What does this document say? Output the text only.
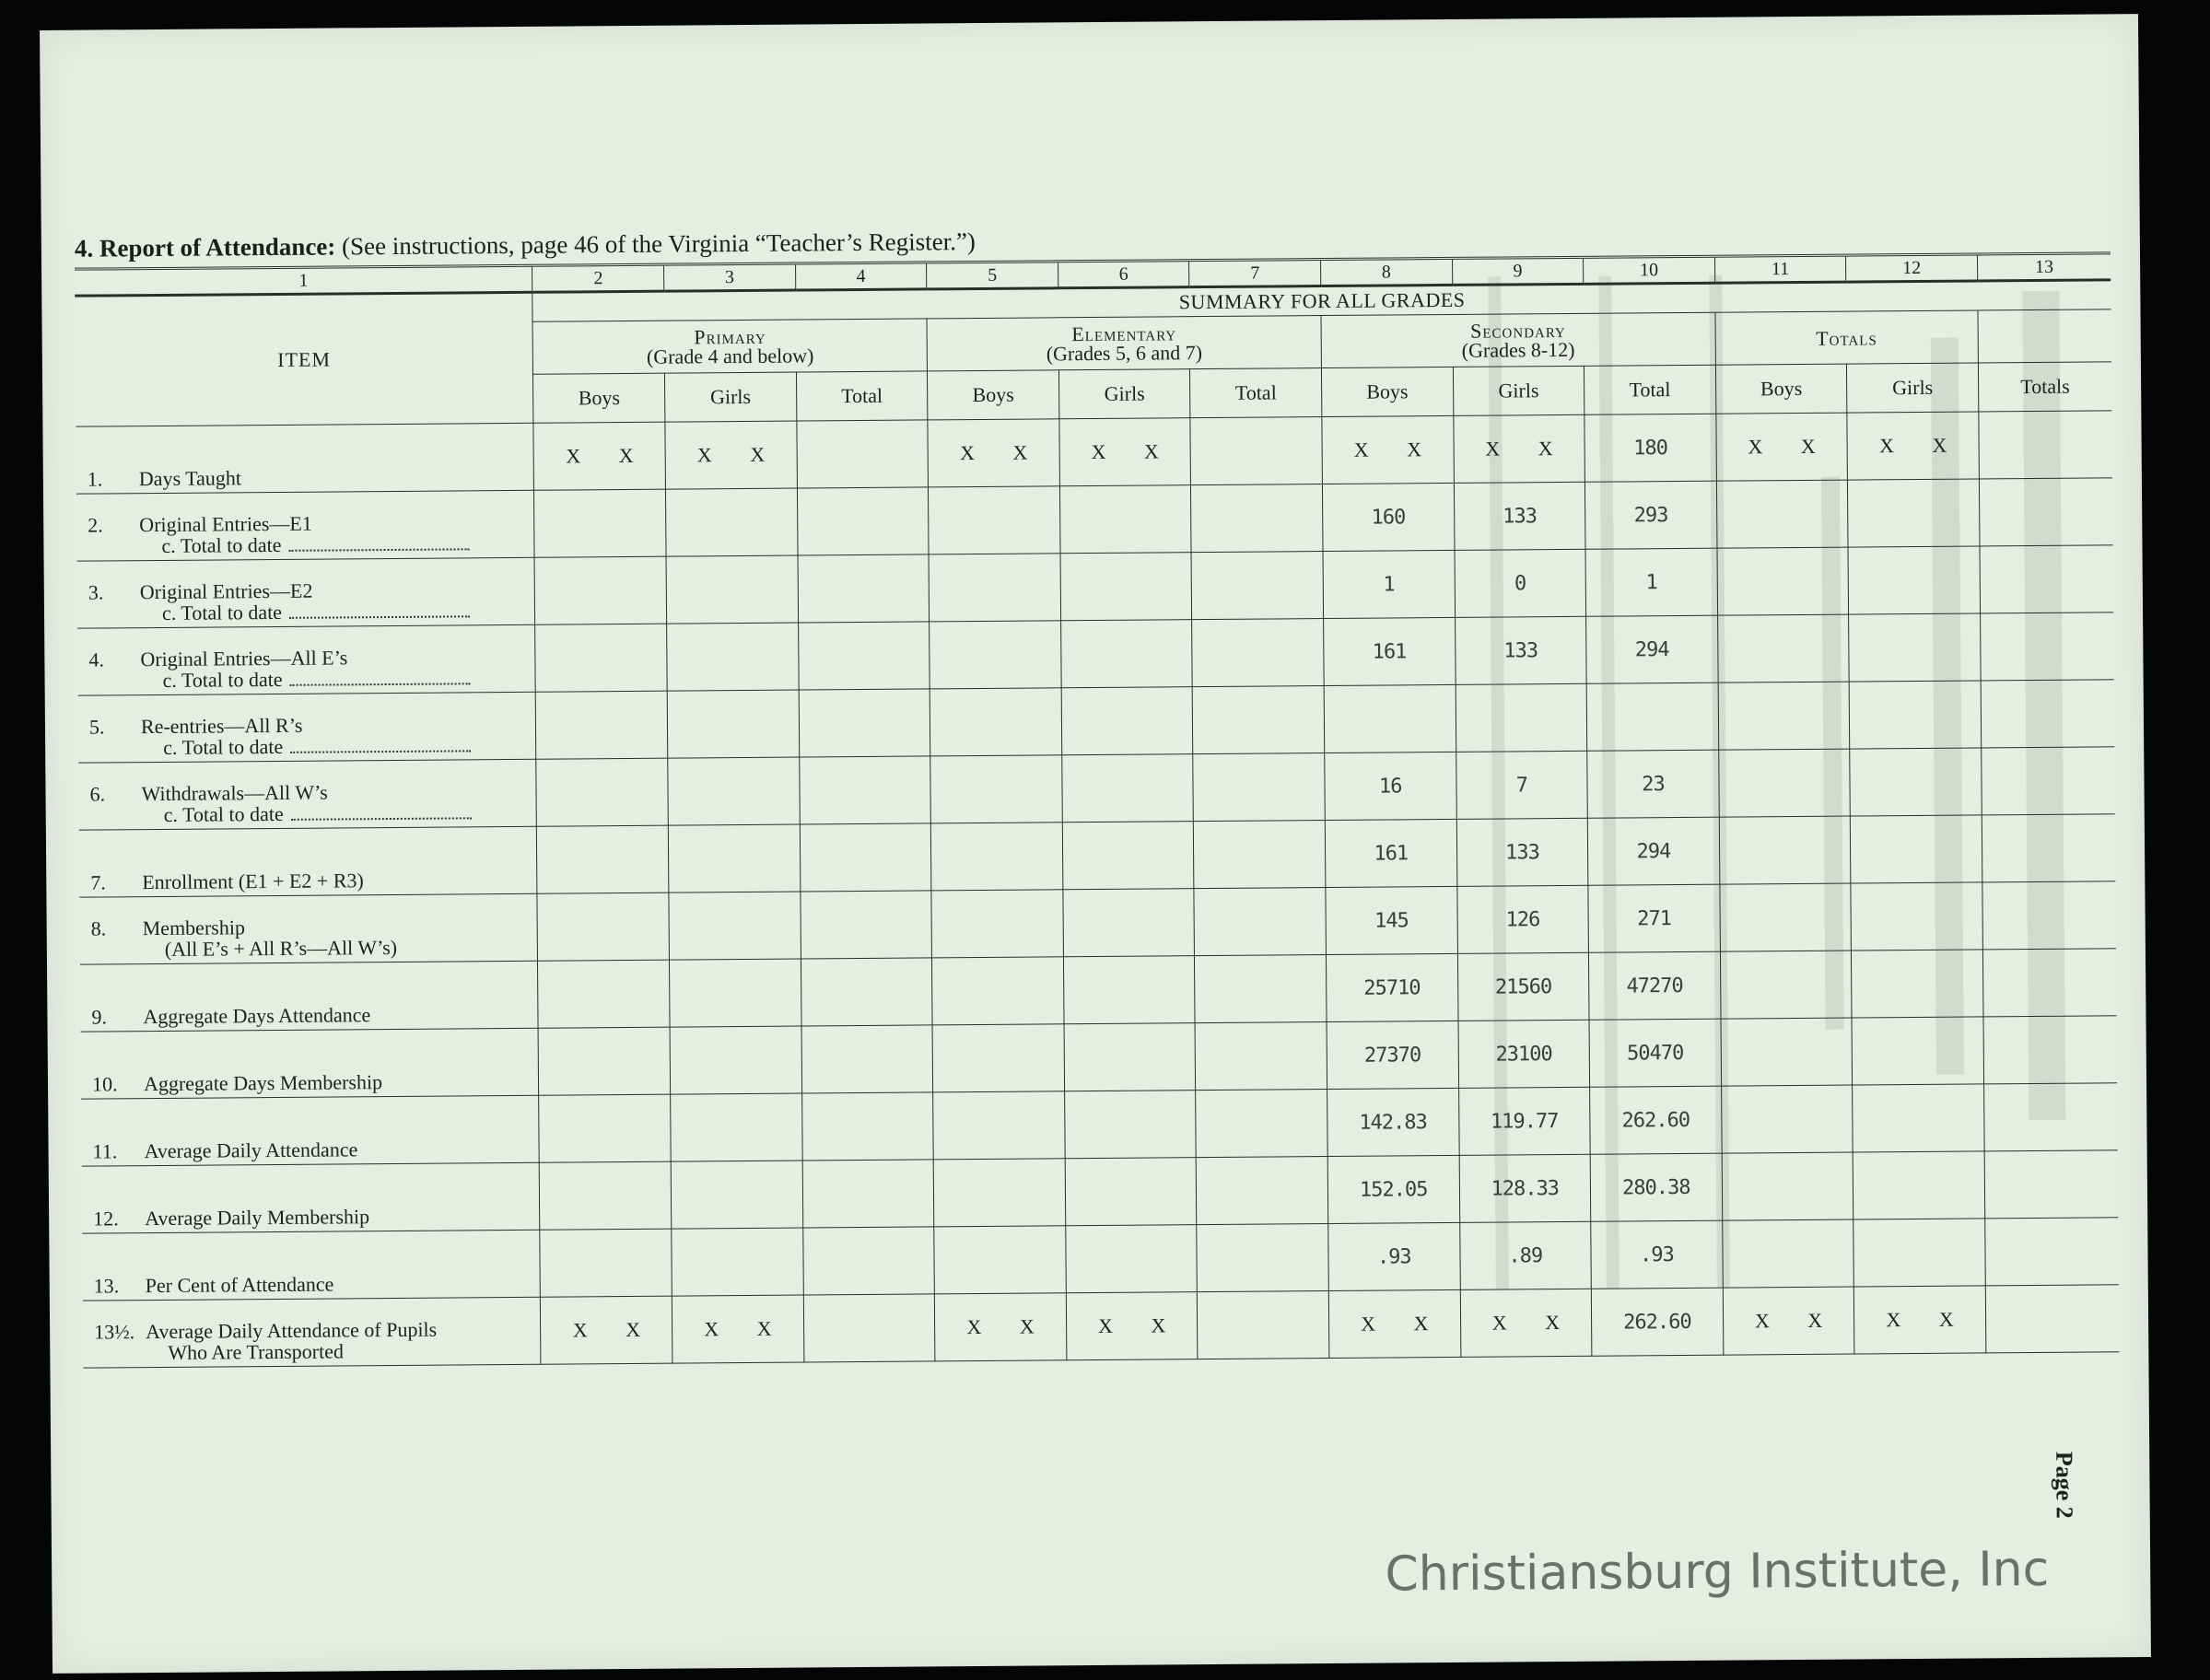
4. Report of Attendance: (See instructions, page 46 of the Virginia “Teacher’s Register.”)
1	2	3	4	5	6	7	8	9	10	11	12	13
ITEM	SUMMARY FOR ALL GRADES											

	Primary
(Grade 4 and below)			Elementary
(Grades 5, 6 and 7)			Secondary
(Grades 8-12)			Totals		

	Boys	Girls	Total	Boys	Girls	Total	Boys	Girls	Total	Boys	Girls	Totals

1. Days Taught	X X	X X		X X	X X		X X	X X	180	X X	X X	

2. Original Entries—E1
c. Total to date							160	133	293			

3. Original Entries—E2
c. Total to date							1	0	1			

4. Original Entries—All E’s
c. Total to date							161	133	294			

5. Re-entries—All R’s
c. Total to date												

6. Withdrawals—All W’s
c. Total to date							16	7	23			

7. Enrollment (E1 + E2 + R3)							161	133	294			

8. Membership
(All E’s + All R’s—All W’s)							145	126	271			

9. Aggregate Days Attendance							25710	21560	47270			

10. Aggregate Days Membership							27370	23100	50470			

11. Average Daily Attendance							142.83	119.77	262.60			

12. Average Daily Membership							152.05	128.33	280.38			

13. Per Cent of Attendance							.93	.89	.93			

13½. Average Daily Attendance of Pupils
Who Are Transported	X X	X X		X X	X X		X X	X X	262.60	X X	X X	
Page 2
Christiansburg Institute, Inc
